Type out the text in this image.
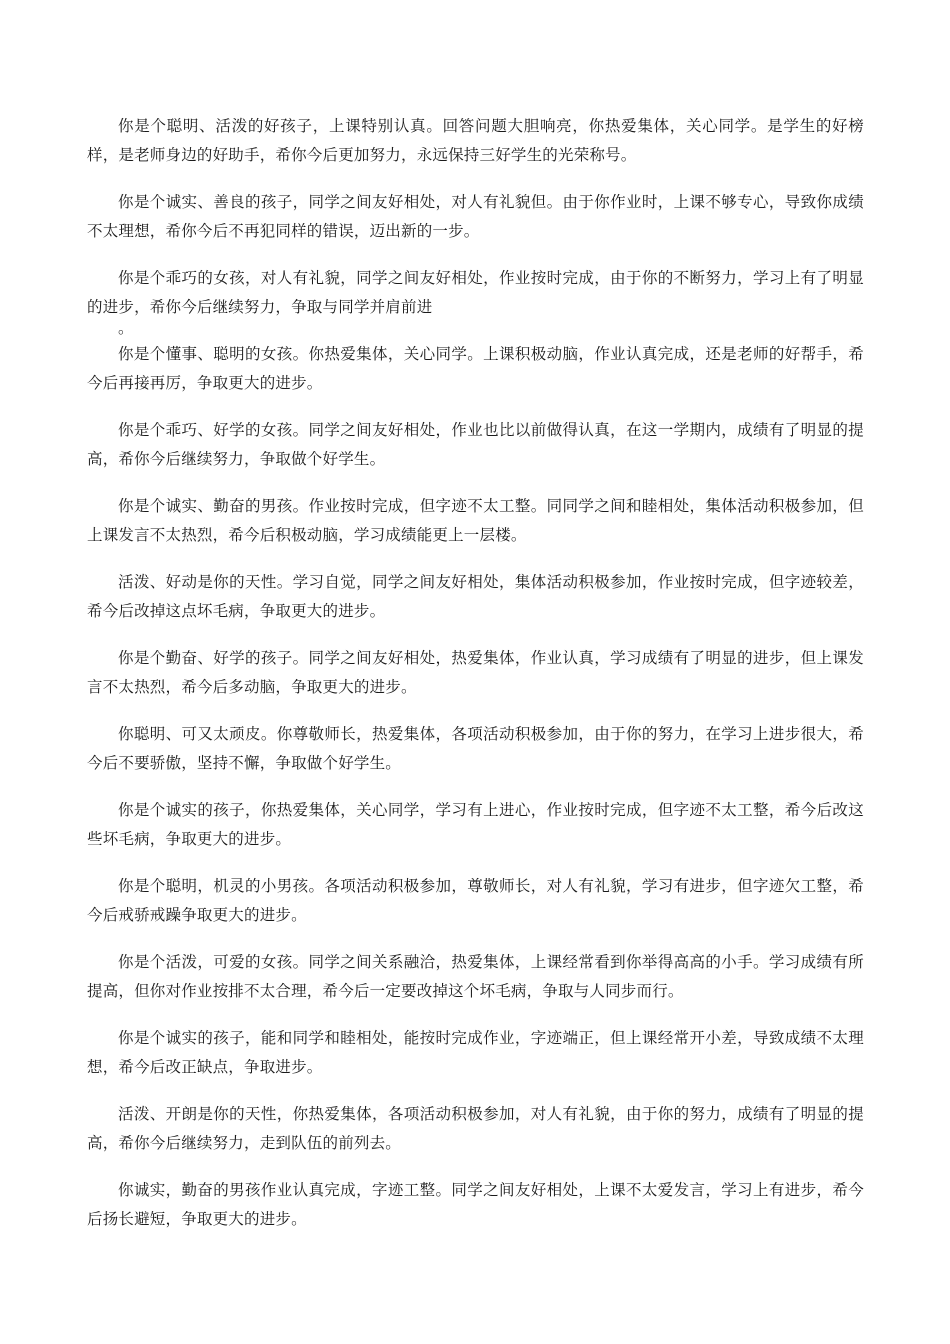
你是个聪明、活泼的好孩子，上课特别认真。回答问题大胆响亮，你热爱集体，关心同学。是学生的好榜样，是老师身边的好助手，希你今后更加努力，永远保持三好学生的光荣称号。

你是个诚实、善良的孩子，同学之间友好相处，对人有礼貌但。由于你作业时，上课不够专心，导致你成绩不太理想，希你今后不再犯同样的错误，迈出新的一步。

你是个乖巧的女孩，对人有礼貌，同学之间友好相处，作业按时完成，由于你的不断努力，学习上有了明显的进步，希你今后继续努力，争取与同学并肩前进

。

你是个懂事、聪明的女孩。你热爱集体，关心同学。上课积极动脑，作业认真完成，还是老师的好帮手，希今后再接再厉，争取更大的进步。

你是个乖巧、好学的女孩。同学之间友好相处，作业也比以前做得认真，在这一学期内，成绩有了明显的提高，希你今后继续努力，争取做个好学生。

你是个诚实、勤奋的男孩。作业按时完成，但字迹不太工整。同同学之间和睦相处，集体活动积极参加，但上课发言不太热烈，希今后积极动脑，学习成绩能更上一层楼。

活泼、好动是你的天性。学习自觉，同学之间友好相处，集体活动积极参加，作业按时完成，但字迹较差，希今后改掉这点坏毛病，争取更大的进步。

你是个勤奋、好学的孩子。同学之间友好相处，热爱集体，作业认真，学习成绩有了明显的进步，但上课发言不太热烈，希今后多动脑，争取更大的进步。

你聪明、可又太顽皮。你尊敬师长，热爱集体，各项活动积极参加，由于你的努力，在学习上进步很大，希今后不要骄傲，坚持不懈，争取做个好学生。

你是个诚实的孩子，你热爱集体，关心同学，学习有上进心，作业按时完成，但字迹不太工整，希今后改这些坏毛病，争取更大的进步。

你是个聪明，机灵的小男孩。各项活动积极参加，尊敬师长，对人有礼貌，学习有进步，但字迹欠工整，希今后戒骄戒躁争取更大的进步。

你是个活泼，可爱的女孩。同学之间关系融洽，热爱集体，上课经常看到你举得高高的小手。学习成绩有所提高，但你对作业按排不太合理，希今后一定要改掉这个坏毛病，争取与人同步而行。

你是个诚实的孩子，能和同学和睦相处，能按时完成作业，字迹端正，但上课经常开小差，导致成绩不太理想，希今后改正缺点，争取进步。

活泼、开朗是你的天性，你热爱集体，各项活动积极参加，对人有礼貌，由于你的努力，成绩有了明显的提高，希你今后继续努力，走到队伍的前列去。

你诚实，勤奋的男孩作业认真完成，字迹工整。同学之间友好相处，上课不太爱发言，学习上有进步，希今后扬长避短，争取更大的进步。
